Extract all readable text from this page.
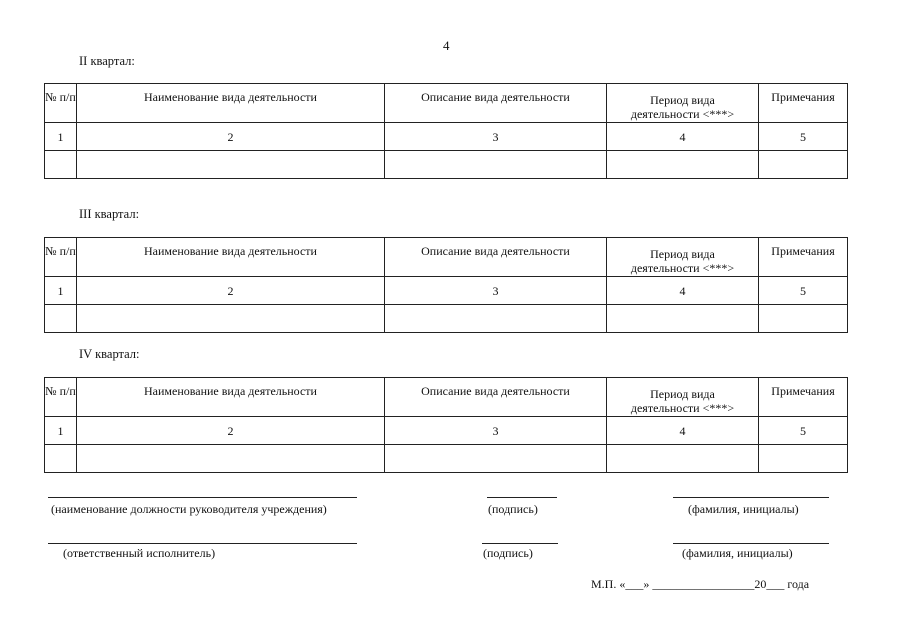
4
II квартал:
№ п/п	Наименование вида деятельности	Описание вида деятельности	Период вида
деятельности <***>	Примечания
1	2	3	4	5

III квартал:
№ п/п	Наименование вида деятельности	Описание вида деятельности	Период вида
деятельности <***>	Примечания
1	2	3	4	5

IV квартал:
№ п/п	Наименование вида деятельности	Описание вида деятельности	Период вида
деятельности <***>	Примечания
1	2	3	4	5

(наименование должности руководителя учреждения)	(подпись)	(фамилия, инициалы)
(ответственный исполнитель)	(подпись)	(фамилия, инициалы)
М.П. «___» _________________20___ года
